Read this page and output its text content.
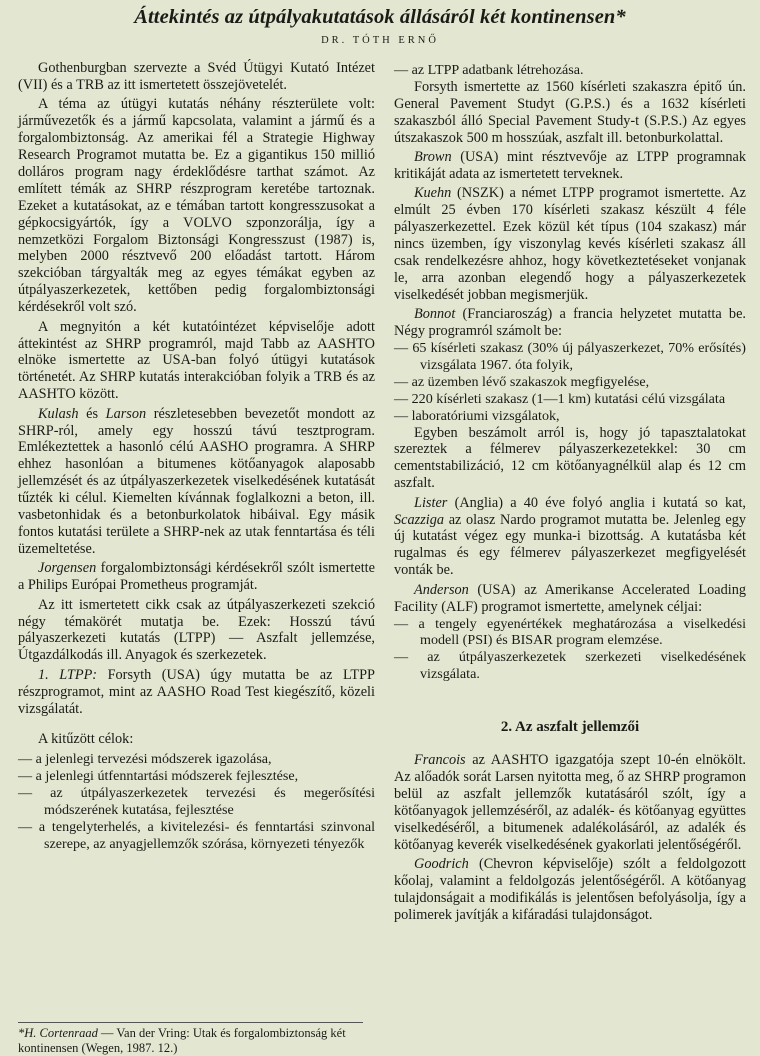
Áttekintés az útpályakutatások állásáról két kontinensen*
DR. TÓTH ERNŐ

Gothenburgban szervezte a Svéd Útügyi Kutató Intézet (VII) és a TRB az itt ismertetett összejövetelét.

A téma az útügyi kutatás néhány részterülete volt: járművezetők és a jármű kapcsolata, valamint a jármű és a forgalombiztonság. Az amerikai fél a Strategie Highway Research Programot mutatta be. Ez a gigantikus 150 millió dolláros program nagy érdeklődésre tarthat számot. Az említett témák az SHRP részprogram keretébe tartoznak. Ezeket a kutatásokat, az e témában tartott kongresszusokat a gépkocsigyártók, így a VOLVO szponzorálja, így a nemzetközi Forgalom Biztonsági Kongresszust (1987) is, melyben 2000 résztvevő 200 előadást tartott. Három szekcióban tárgyalták meg az egyes témákat egyben az útpályaszerkezetek, kettőben pedig forgalombiztonsági kérdésekről volt szó.

A megnyitón a két kutatóintézet képviselője adott áttekintést az SHRP programról, majd Tabb az AASHTO elnöke ismertette az USA-ban folyó útügyi kutatások történetét. Az SHRP kutatás interakcióban folyik a TRB és az AASHTO között.

Kulash és Larson részletesebben bevezetőt mondott az SHRP-ról, amely egy hosszú távú tesztprogram. Emlékeztettek a hasonló célú AASHO programra. A SHRP ehhez hasonlóan a bitumenes kötőanyagok alaposabb jellemzését és az útpályaszerkezetek viselkedésének kutatását tűzték ki célul. Kiemelten kívánnak foglalkozni a beton, ill. vasbetonhidak és a betonburkolatok hibáival. Egy másik fontos kutatási területe a SHRP-nek az utak fenntartása és téli üzemeltetése.

Jorgensen forgalombiztonsági kérdésekről szólt ismertette a Philips Európai Prometheus programját.

Az itt ismertetett cikk csak az útpályaszerkezeti szekció négy témakörét mutatja be. Ezek: Hosszú távú pályaszerkezeti kutatás (LTPP) — Aszfalt jellemzése, Útgazdálkodás ill. Anyagok és szerkezetek.

1. LTPP: Forsyth (USA) úgy mutatta be az LTPP részprogramot, mint az AASHO Road Test kiegészítő, közeli vizsgálatát.

A kitűzött célok:

— a jelenlegi tervezési módszerek igazolása,
— a jelenlegi útfenntartási módszerek fejlesztése,
— az útpályaszerkezetek tervezési és megerősítési módszerének kutatása, fejlesztése
— a tengelyterhelés, a kivitelezési- és fenntartási szinvonal szerepe, az anyagjellemzők szórása, környezeti tényezők
*H. Cortenraad — Van der Vring: Utak és forgalombiztonság két kontinensen (Wegen, 1987. 12.)
— az LTPP adatbank létrehozása.

Forsyth ismertette az 1560 kísérleti szakaszra épitő ún. General Pavement Studyt (G.P.S.) és a 1632 kísérleti szakaszból álló Special Pavement Study-t (S.P.S.) Az egyes útszakaszok 500 m hosszúak, aszfalt ill. betonburkolattal.

Brown (USA) mint résztvevője az LTPP programnak kritikáját adata az ismertetett terveknek.

Kuehn (NSZK) a német LTPP programot ismertette. Az elmúlt 25 évben 170 kísérleti szakasz készült 4 féle pályaszerkezettel. Ezek közül két típus (104 szakasz) már nincs üzemben, így viszonylag kevés kísérleti szakasz áll csak rendelkezésre ahhoz, hogy következtetéseket vonjanak le, arra azonban elegendő hogy a pályaszerkezetek viselkedését jobban megismerjük.

Bonnot (Franciaroszág) a francia helyzetet mutatta be. Négy programról számolt be:

— 65 kísérleti szakasz (30% új pályaszerkezet, 70% erősítés) vizsgálata 1967. óta folyik,
— az üzemben lévő szakaszok megfigyelése,
— 220 kísérleti szakasz (1—1 km) kutatási célú vizsgálata
— laboratóriumi vizsgálatok,

Egyben beszámolt arról is, hogy jó tapasztalatokat szereztek a félmerev pályaszerkezetekkel: 30 cm cementstabilizáció, 12 cm kötőanyagnélkül alap és 12 cm aszfalt.

Lister (Anglia) a 40 éve folyó anglia i kutatá so kat, Scazziga az olasz Nardo programot mutatta be. Jelenleg egy új kutatást végez egy munka-i bizottság. A kutatásba két rugalmas és egy félmerev pályaszerkezet megfigyelését vonták be.

Anderson (USA) az Amerikanse Accelerated Loading Facility (ALF) programot ismertette, amelynek céljai:

— a tengely egyenértékek meghatározása a viselkedési modell (PSI) és BISAR program elemzése.
— az útpályaszerkezetek szerkezeti viselkedésének vizsgálata.
2. Az aszfalt jellemzői

Francois az AASHTO igazgatója szept 10-én elnökölt. Az alőadók sorát Larsen nyitotta meg, ő az SHRP programon belül az aszfalt jellemzők kutatásáról szólt, így a kötőanyagok jellemzéséről, az adalék- és kötőanyag együttes viselkedéséről, a bitumenek adalékolásáról, az adalék és kötőanyag keverék viselkedésének gyakorlati jelentőségéről.

Goodrich (Chevron képviselője) szólt a feldolgozott kőolaj, valamint a feldolgozás jelentőségéről. A kötőanyag tulajdonságait a modifikálás is jelentősen befolyásolja, így a polimerek javítják a kifáradási tulajdonságot.
